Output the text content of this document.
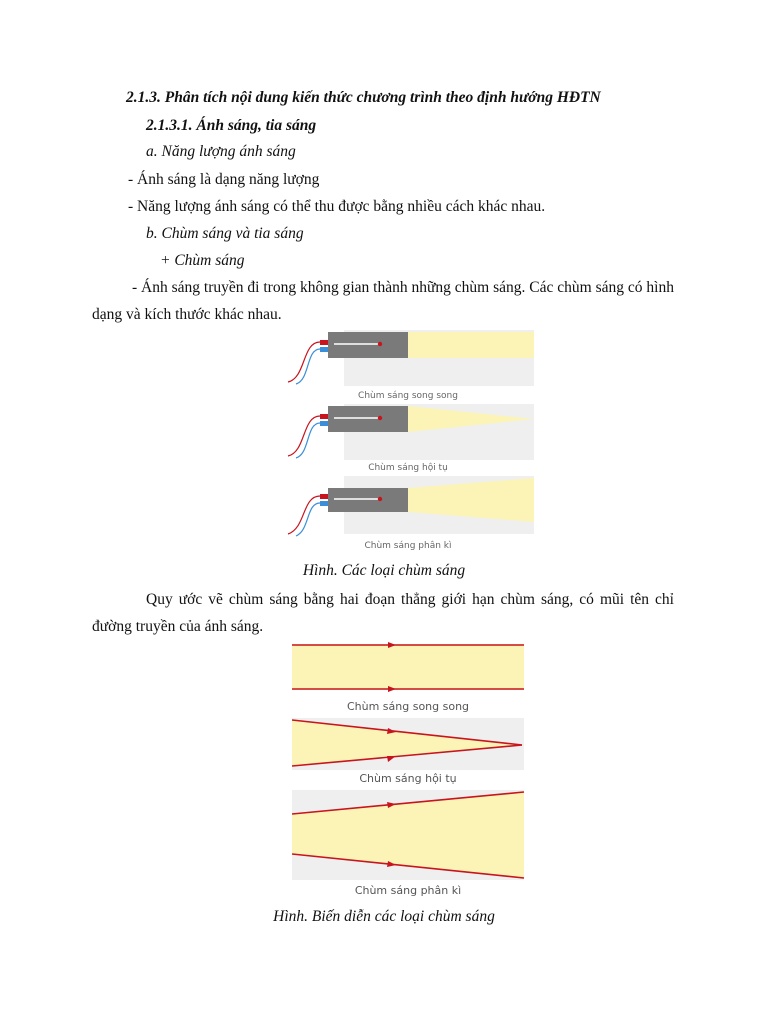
2.1.3. Phân tích nội dung kiến thức chương trình theo định hướng HĐTN
2.1.3.1. Ánh sáng, tia sáng
a. Năng lượng ánh sáng
- Ánh sáng là dạng năng lượng
- Năng lượng ánh sáng có thể thu được bằng nhiều cách khác nhau.
b. Chùm sáng và tia sáng
+ Chùm sáng
- Ánh sáng truyền đi trong không gian thành những chùm sáng. Các chùm sáng có hình dạng và kích thước khác nhau.
Chùm sáng song song
Chùm sáng hội tụ
Chùm sáng phân kì
Hình. Các loại chùm sáng
Quy ước vẽ chùm sáng bằng hai đoạn thẳng giới hạn chùm sáng, có mũi tên chỉ đường truyền của ánh sáng.
Chùm sáng song song
Chùm sáng hội tụ
Chùm sáng phân kì
Hình. Biến diễn các loại chùm sáng
